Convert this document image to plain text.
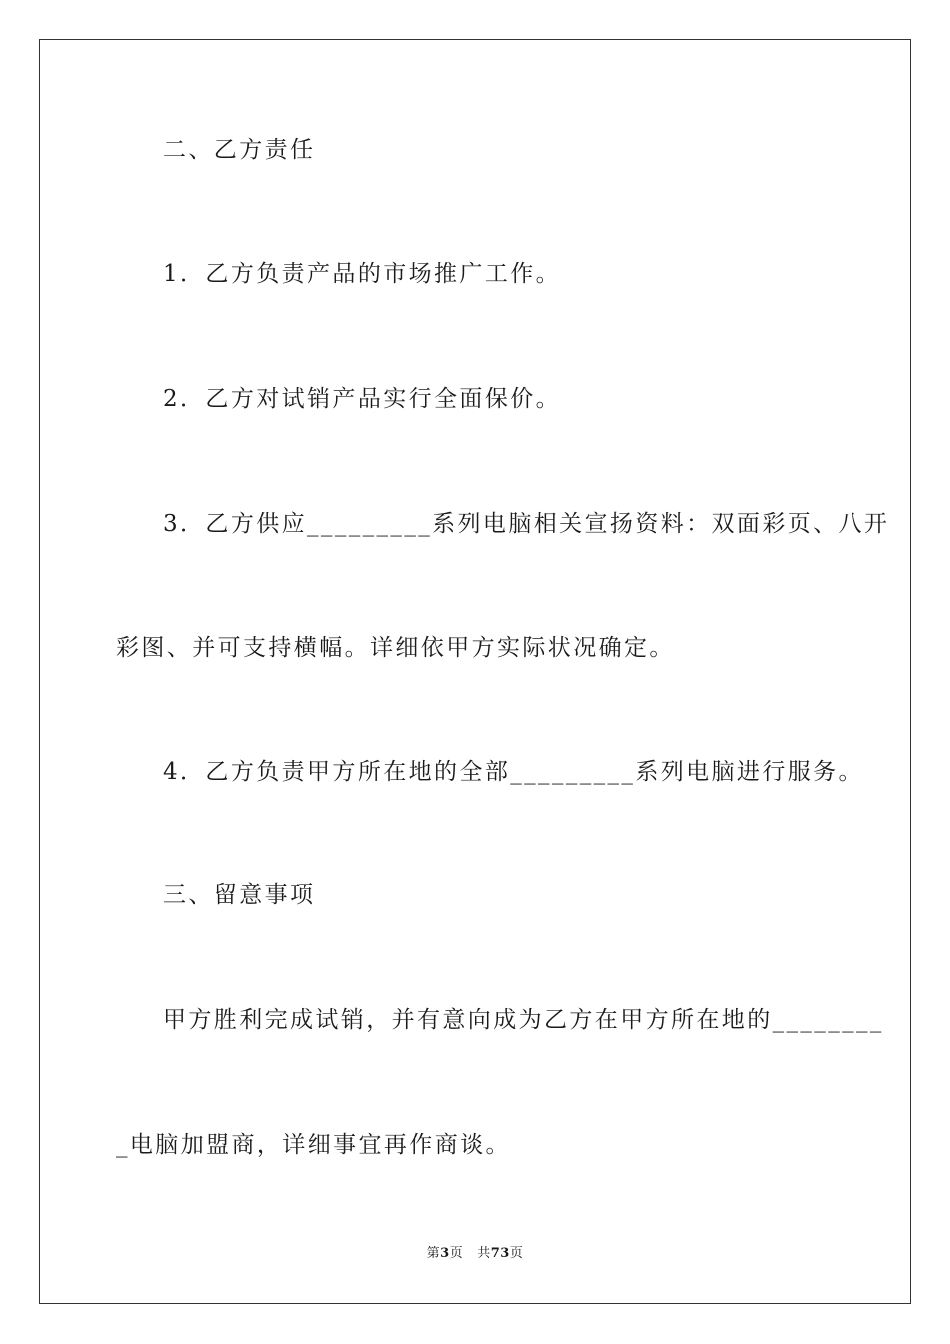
二、乙方责任
1．乙方负责产品的市场推广工作。
2．乙方对试销产品实行全面保价。
3．乙方供应_________系列电脑相关宣扬资料：双面彩页、八开
彩图、并可支持横幅。详细依甲方实际状况确定。
4．乙方负责甲方所在地的全部_________系列电脑进行服务。
三、留意事项
甲方胜利完成试销，并有意向成为乙方在甲方所在地的________
_电脑加盟商，详细事宜再作商谈。
第3页 共73页
